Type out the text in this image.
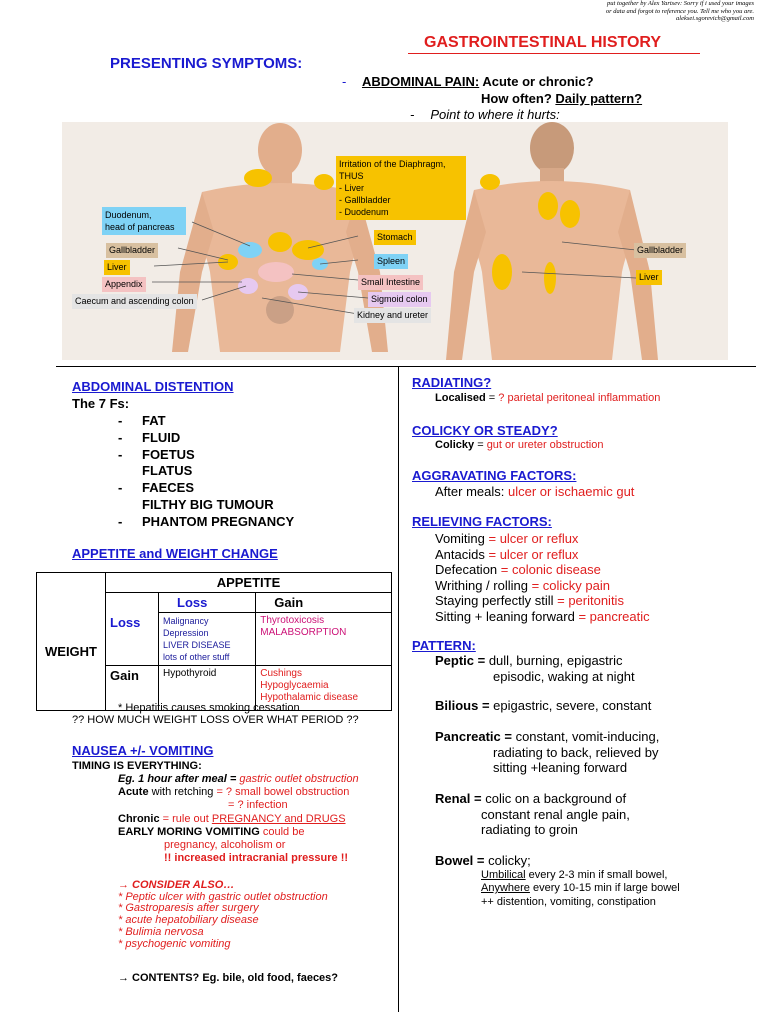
put together by Alex Yartsev: Sorry if i used your images
or data and forgot to reference you. Tell me who you are.
aleksei.sgorevich@gmail.com
GASTROINTESTINAL HISTORY
PRESENTING SYMPTOMS:
- ABDOMINAL PAIN: Acute or chronic?
How often? Daily pattern?
- Point to where it hurts:
Irritation of the Diaphragm,
THUS
- Liver
- Gallbladder
- Duodenum
Duodenum,
head of pancreas
Gallbladder
Liver
Appendix
Caecum and ascending colon
Stomach
Spleen
Small Intestine
Sigmoid colon
Kidney and ureter
Gallbladder
Liver
ABDOMINAL DISTENTION
The 7 Fs:
- FAT
- FLUID
- FOETUS
FLATUS
- FAECES
FILTHY BIG TUMOUR
- PHANTOM PREGNANCY
APPETITE and WEIGHT CHANGE
	APPETITE		
WEIGHT		Loss	Gain
	Loss	Malignancy
Depression
LIVER DISEASE
lots of other stuff	Thyrotoxicosis
MALABSORPTION

	Gain	Hypothyroid	Cushings
Hypoglycaemia
Hypothalamic disease
* Hepatitis causes smoking cessation
?? HOW MUCH WEIGHT LOSS OVER WHAT PERIOD ??
NAUSEA +/- VOMITING
TIMING IS EVERYTHING:
Eg. 1 hour after meal = gastric outlet obstruction
Acute with retching = ? small bowel obstruction
= ? infection
Chronic = rule out PREGNANCY and DRUGS
EARLY MORING VOMITING could be
pregnancy, alcoholism or
!! increased intracranial pressure !!
→ CONSIDER ALSO…
* Peptic ulcer with gastric outlet obstruction
* Gastroparesis after surgery
* acute hepatobiliary disease
* Bulimia nervosa
* psychogenic vomiting
→ CONTENTS? Eg. bile, old food, faeces?
RADIATING?
Localised = ? parietal peritoneal inflammation
COLICKY OR STEADY?
Colicky = gut or ureter obstruction
AGGRAVATING FACTORS:
After meals: ulcer or ischaemic gut
RELIEVING FACTORS:
Vomiting = ulcer or reflux
Antacids = ulcer or reflux
Defecation = colonic disease
Writhing / rolling = colicky pain
Staying perfectly still = peritonitis
Sitting + leaning forward = pancreatic
PATTERN:
Peptic = dull, burning, epigastric
episodic, waking at night
Bilious = epigastric, severe, constant
Pancreatic = constant, vomit-inducing,
radiating to back, relieved by
sitting +leaning forward
Renal = colic on a background of
constant renal angle pain,
radiating to groin
Bowel = colicky;
Umbilical every 2-3 min if small bowel,
Anywhere every 10-15 min if large bowel
++ distention, vomiting, constipation
